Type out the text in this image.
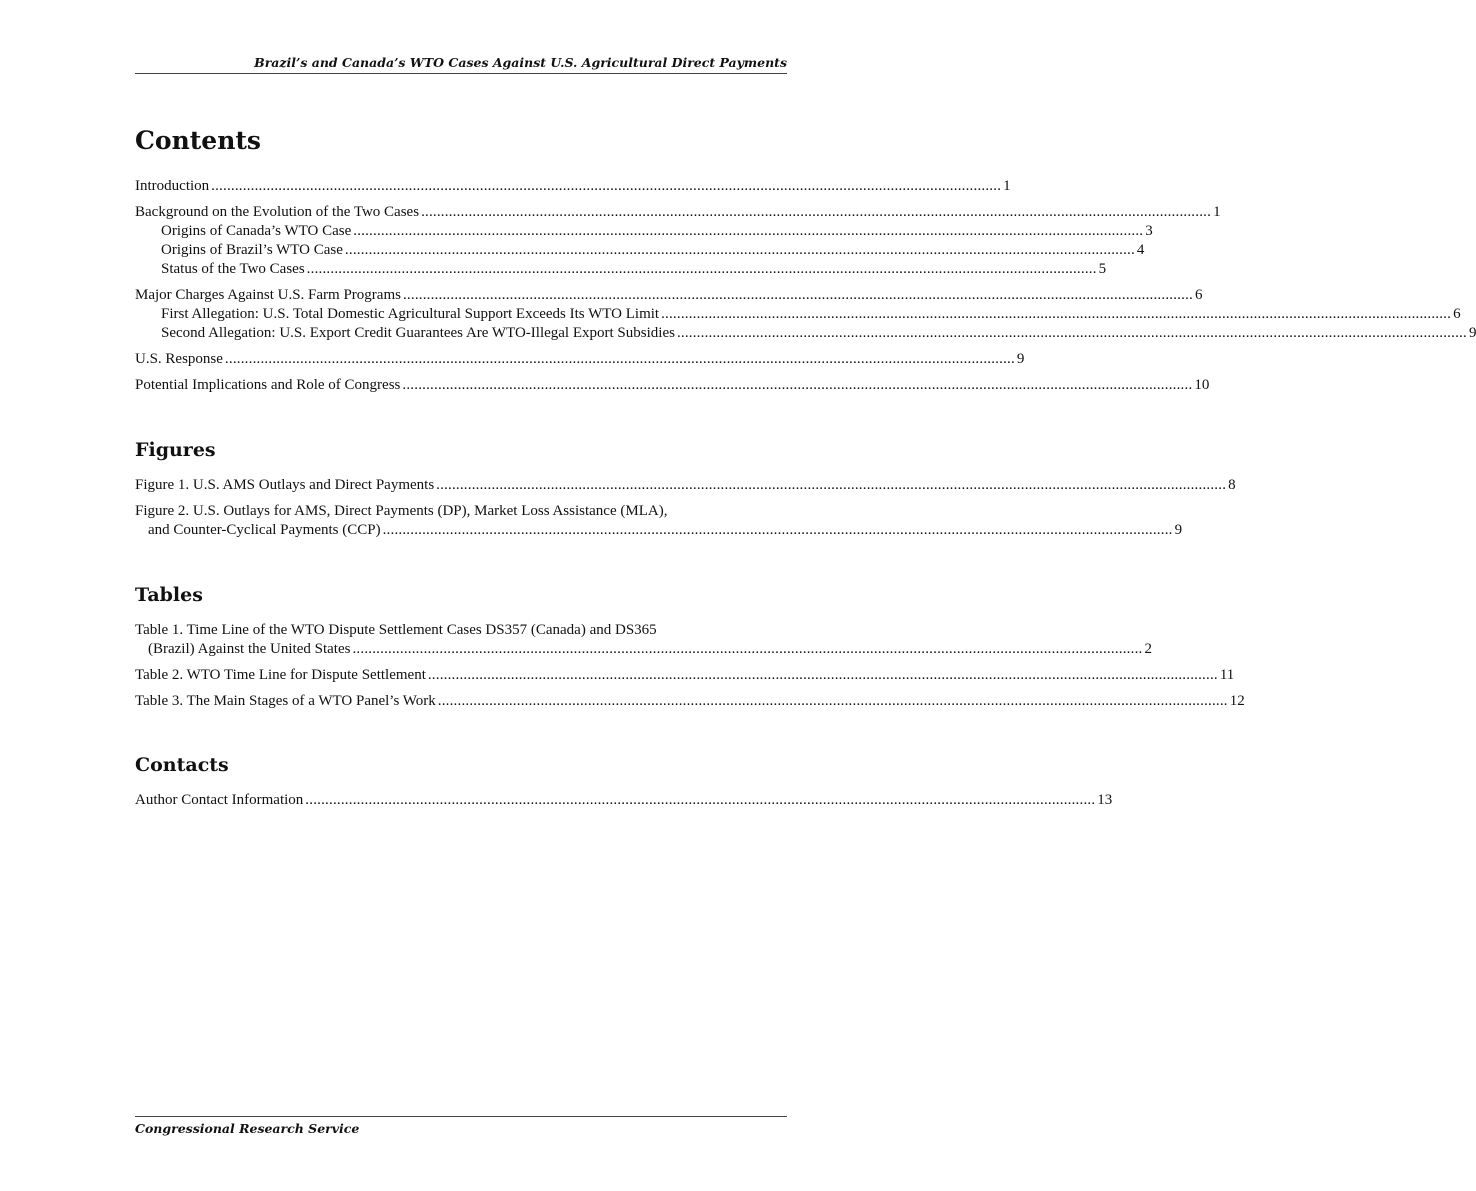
Brazil’s and Canada’s WTO Cases Against U.S. Agricultural Direct Payments
Contents
Introduction ........................................................................................................................................................................................................ 1
Background on the Evolution of the Two Cases ........................................................................................................................................................................................................ 1
Origins of Canada’s WTO Case ........................................................................................................................................................................................................ 3
Origins of Brazil’s WTO Case ........................................................................................................................................................................................................ 4
Status of the Two Cases ........................................................................................................................................................................................................ 5
Major Charges Against U.S. Farm Programs ........................................................................................................................................................................................................ 6
First Allegation: U.S. Total Domestic Agricultural Support Exceeds Its WTO Limit ........................................................................................................................................................................................................ 6
Second Allegation: U.S. Export Credit Guarantees Are WTO-Illegal Export Subsidies ........................................................................................................................................................................................................ 9
U.S. Response ........................................................................................................................................................................................................ 9
Potential Implications and Role of Congress ........................................................................................................................................................................................................ 10
Figures
Figure 1. U.S. AMS Outlays and Direct Payments ........................................................................................................................................................................................................ 8
Figure 2. U.S. Outlays for AMS, Direct Payments (DP), Market Loss Assistance (MLA),
and Counter-Cyclical Payments (CCP) ........................................................................................................................................................................................................ 9
Tables
Table 1. Time Line of the WTO Dispute Settlement Cases DS357 (Canada) and DS365
(Brazil) Against the United States ........................................................................................................................................................................................................ 2
Table 2. WTO Time Line for Dispute Settlement ........................................................................................................................................................................................................ 11
Table 3. The Main Stages of a WTO Panel’s Work ........................................................................................................................................................................................................ 12
Contacts
Author Contact Information ........................................................................................................................................................................................................ 13
Congressional Research Service
